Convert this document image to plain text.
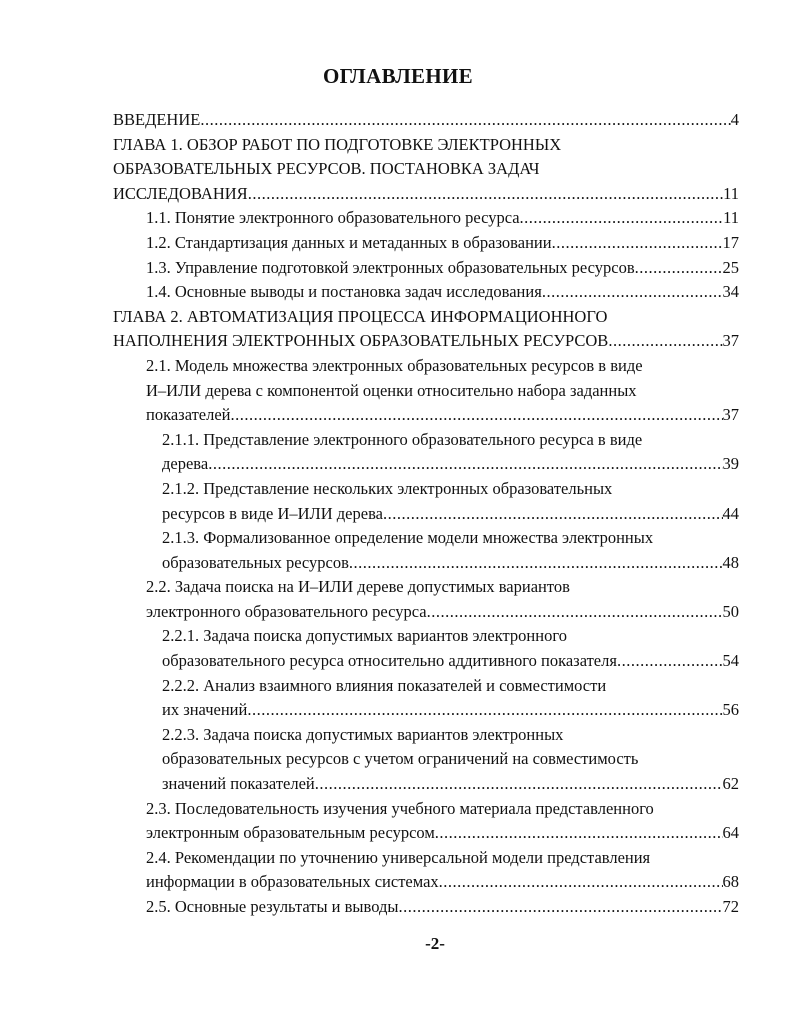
ОГЛАВЛЕНИЕ
ВВЕДЕНИЕ .....	4
ГЛАВА 1. ОБЗОР РАБОТ ПО ПОДГОТОВКЕ ЭЛЕКТРОННЫХ
ОБРАЗОВАТЕЛЬНЫХ РЕСУРСОВ. ПОСТАНОВКА ЗАДАЧ
ИССЛЕДОВАНИЯ .....	11
1.1. Понятие электронного образовательного ресурса .....	11
1.2. Стандартизация данных и метаданных в образовании .....	17
1.3. Управление подготовкой электронных образовательных ресурсов .....	25
1.4. Основные выводы и постановка задач исследования .....	34
ГЛАВА 2. АВТОМАТИЗАЦИЯ ПРОЦЕССА ИНФОРМАЦИОННОГО
НАПОЛНЕНИЯ ЭЛЕКТРОННЫХ ОБРАЗОВАТЕЛЬНЫХ РЕСУРСОВ .....	37
2.1. Модель множества электронных образовательных ресурсов в виде
И–ИЛИ дерева с компонентой оценки относительно набора заданных
показателей .....	37
2.1.1. Представление электронного образовательного ресурса в виде
дерева .....	39
2.1.2. Представление нескольких электронных образовательных
ресурсов в виде И–ИЛИ дерева .....	44
2.1.3. Формализованное определение модели множества электронных
образовательных ресурсов .....	48
2.2. Задача поиска на И–ИЛИ дереве допустимых вариантов
электронного образовательного ресурса .....	50
2.2.1. Задача поиска допустимых вариантов электронного
образовательного ресурса относительно аддитивного показателя .....	54
2.2.2. Анализ взаимного влияния показателей и совместимости
их значений .....	56
2.2.3. Задача поиска допустимых вариантов электронных
образовательных ресурсов с учетом ограничений на совместимость
значений показателей .....	62
2.3. Последовательность изучения учебного материала представленного
электронным образовательным ресурсом .....	64
2.4. Рекомендации по уточнению универсальной модели представления
информации в образовательных системах .....	68
2.5. Основные результаты и выводы .....	72
-2-
